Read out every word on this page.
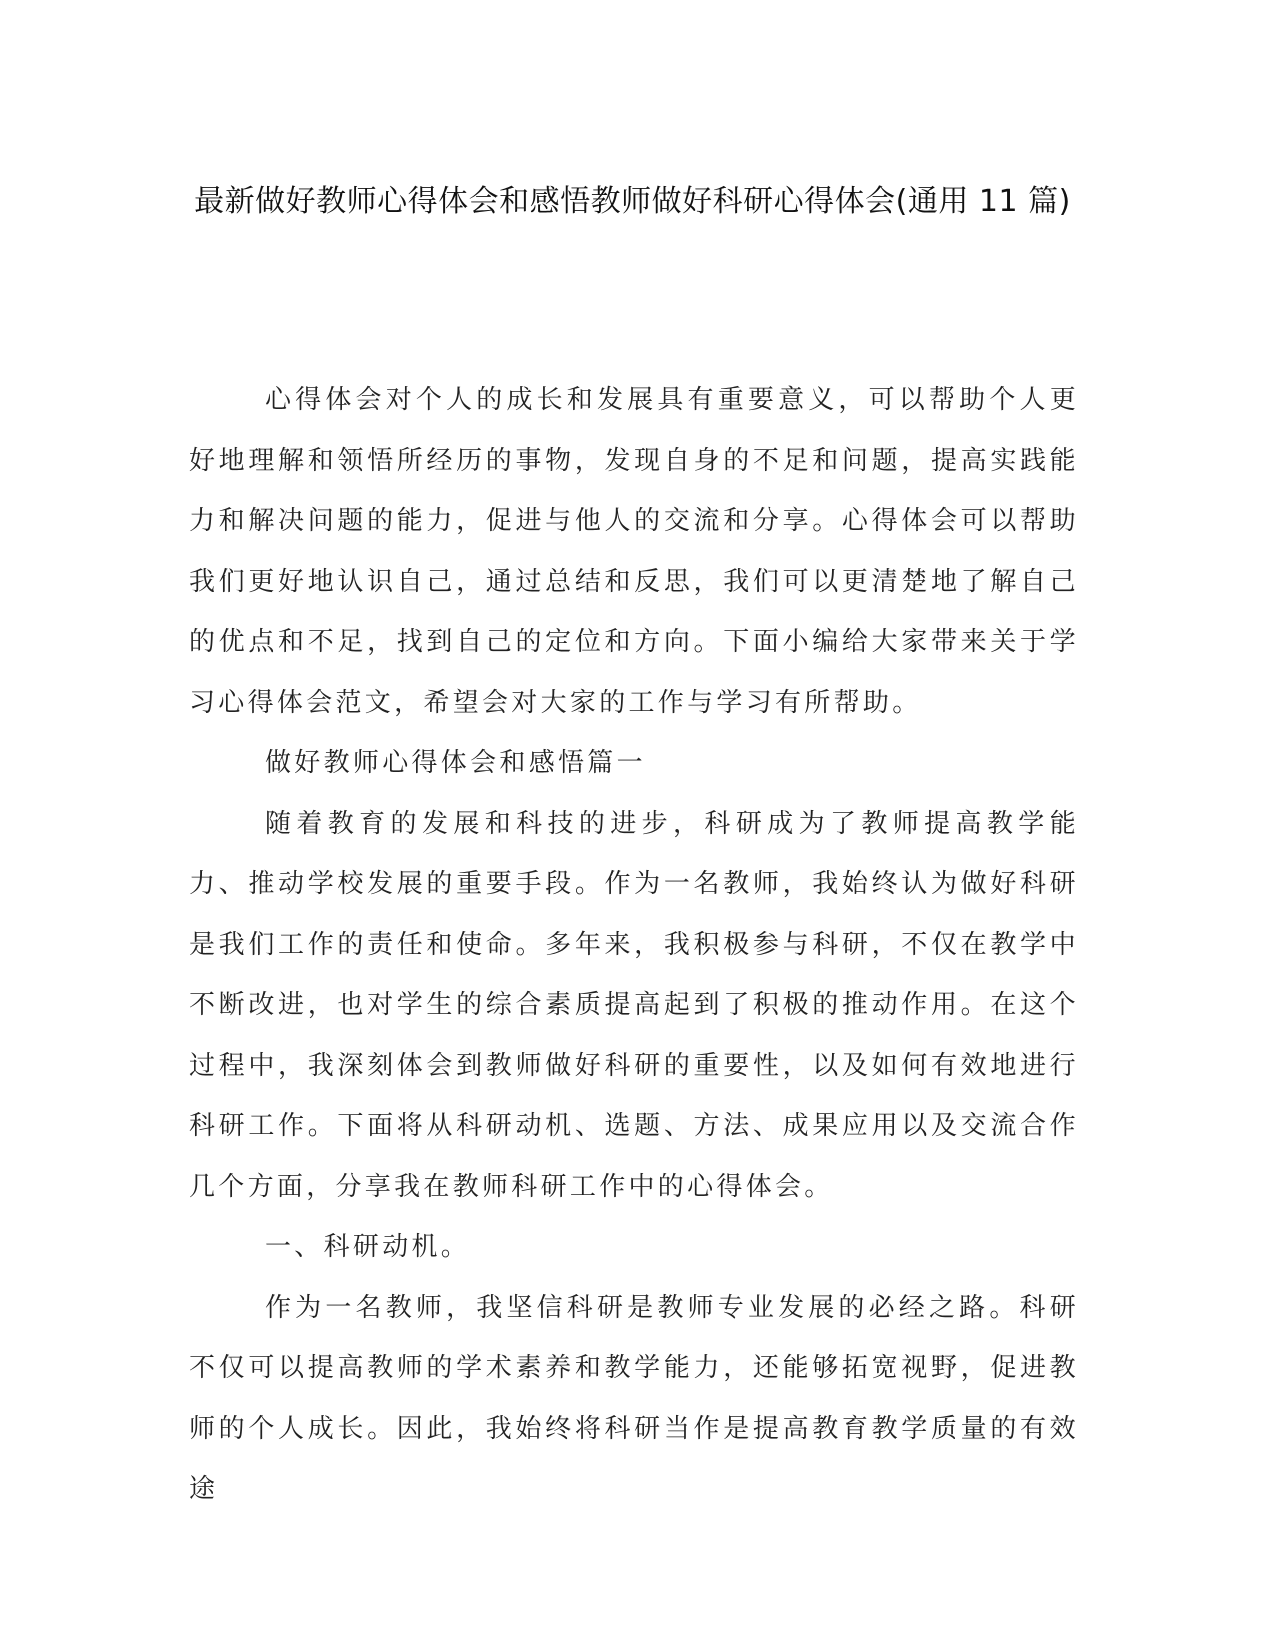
最新做好教师心得体会和感悟教师做好科研心得体会(通用 11 篇)

心得体会对个人的成长和发展具有重要意义，可以帮助个人更好地理解和领悟所经历的事物，发现自身的不足和问题，提高实践能力和解决问题的能力，促进与他人的交流和分享。心得体会可以帮助我们更好地认识自己，通过总结和反思，我们可以更清楚地了解自己的优点和不足，找到自己的定位和方向。下面小编给大家带来关于学习心得体会范文，希望会对大家的工作与学习有所帮助。

做好教师心得体会和感悟篇一

随着教育的发展和科技的进步，科研成为了教师提高教学能力、推动学校发展的重要手段。作为一名教师，我始终认为做好科研是我们工作的责任和使命。多年来，我积极参与科研，不仅在教学中不断改进，也对学生的综合素质提高起到了积极的推动作用。在这个过程中，我深刻体会到教师做好科研的重要性，以及如何有效地进行科研工作。下面将从科研动机、选题、方法、成果应用以及交流合作几个方面，分享我在教师科研工作中的心得体会。

一、科研动机。

作为一名教师，我坚信科研是教师专业发展的必经之路。科研不仅可以提高教师的学术素养和教学能力，还能够拓宽视野，促进教师的个人成长。因此，我始终将科研当作是提高教育教学质量的有效途
